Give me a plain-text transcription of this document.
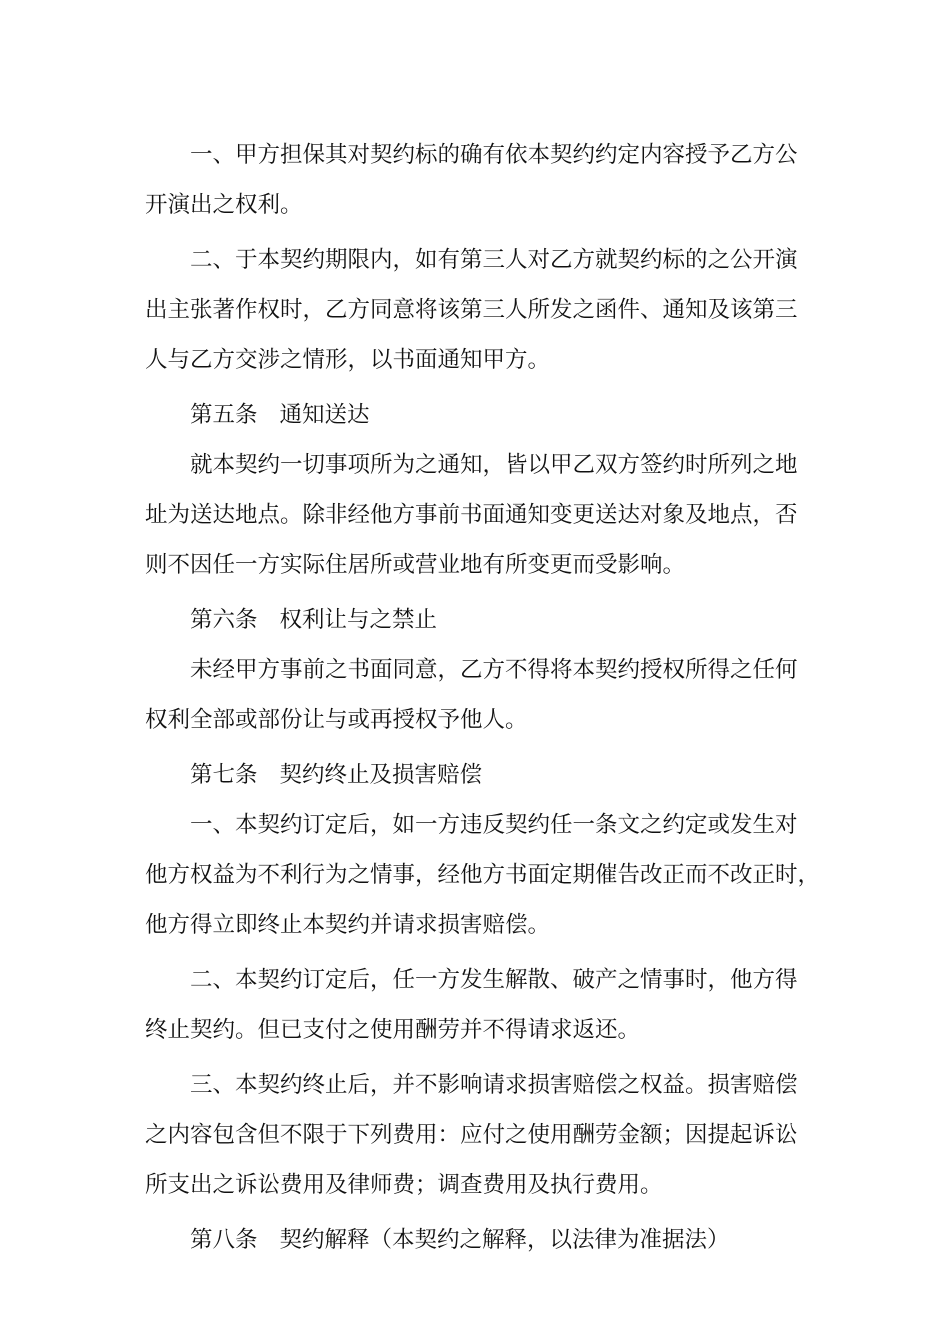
一、甲方担保其对契约标的确有依本契约约定内容授予乙方公
开演出之权利。
二、于本契约期限内，如有第三人对乙方就契约标的之公开演
出主张著作权时，乙方同意将该第三人所发之函件、通知及该第三
人与乙方交涉之情形，以书面通知甲方。
第五条 通知送达
就本契约一切事项所为之通知，皆以甲乙双方签约时所列之地
址为送达地点。除非经他方事前书面通知变更送达对象及地点，否
则不因任一方实际住居所或营业地有所变更而受影响。
第六条 权利让与之禁止
未经甲方事前之书面同意，乙方不得将本契约授权所得之任何
权利全部或部份让与或再授权予他人。
第七条 契约终止及损害赔偿
一、本契约订定后，如一方违反契约任一条文之约定或发生对
他方权益为不利行为之情事，经他方书面定期催告改正而不改正时，
他方得立即终止本契约并请求损害赔偿。
二、本契约订定后，任一方发生解散、破产之情事时，他方得
终止契约。但已支付之使用酬劳并不得请求返还。
三、本契约终止后，并不影响请求损害赔偿之权益。损害赔偿
之内容包含但不限于下列费用：应付之使用酬劳金额；因提起诉讼
所支出之诉讼费用及律师费；调查费用及执行费用。
第八条 契约解释（本契约之解释，以法律为准据法）
